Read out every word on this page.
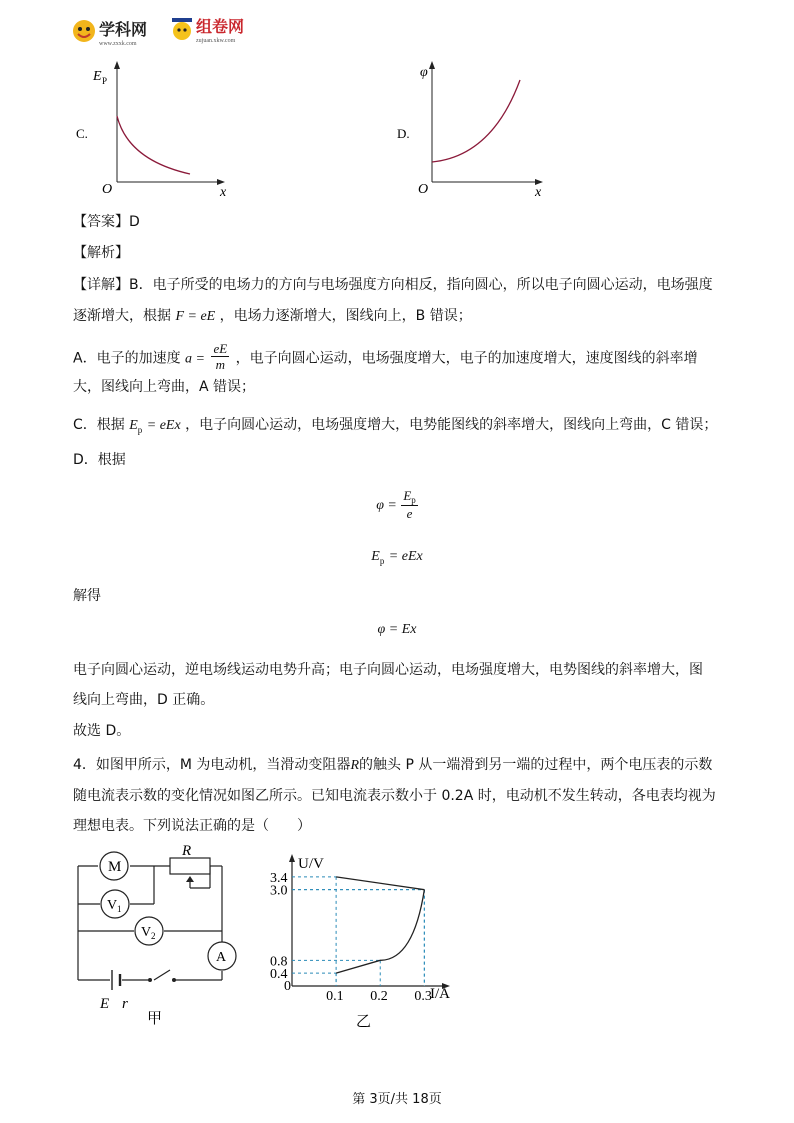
学科网
www.zxxk.com
组卷网
zujuan.xkw.com
C.
E P
O	x
D.
φ
O	x
【答案】D
【解析】
【详解】B．电子所受的电场力的方向与电场强度方向相反，指向圆心，所以电子向圆心运动，电场强度
逐渐增大，根据 F = eE ，电场力逐渐增大，图线向上，B 错误；
A．电子的加速度 $a = \frac{eE}{m}$ ，电子向圆心运动，电场强度增大，电子的加速度增大，速度图线的斜率增
大，图线向上弯曲，A 错误；
C．根据 $E_p$ = eEx ，电子向圆心运动，电场强度增大，电势能图线的斜率增大，图线向上弯曲，C 错误；
D．根据
$\varphi = \frac{E_p}{e}$
$E_p$ = eEx
解得
φ = Ex
电子向圆心运动，逆电场线运动电势升高；电子向圆心运动，电场强度增大，电势图线的斜率增大，图
线向上弯曲，D 正确。
故选 D。
4．如图甲所示，M 为电动机，当滑动变阻器R的触头 P 从一端滑到另一端的过程中，两个电压表的示数
随电流表示数的变化情况如图乙所示。已知电流表示数小于 0.2A 时，电动机不发生转动，各电表均视为
理想电表。下列说法正确的是（　　）
M
R
V 1
V 2
A
E r
甲
U/V
I/A
0
0.1 0.2 0.3
3.4
3.0
0.8
0.4
乙
第 3页/共 18页
